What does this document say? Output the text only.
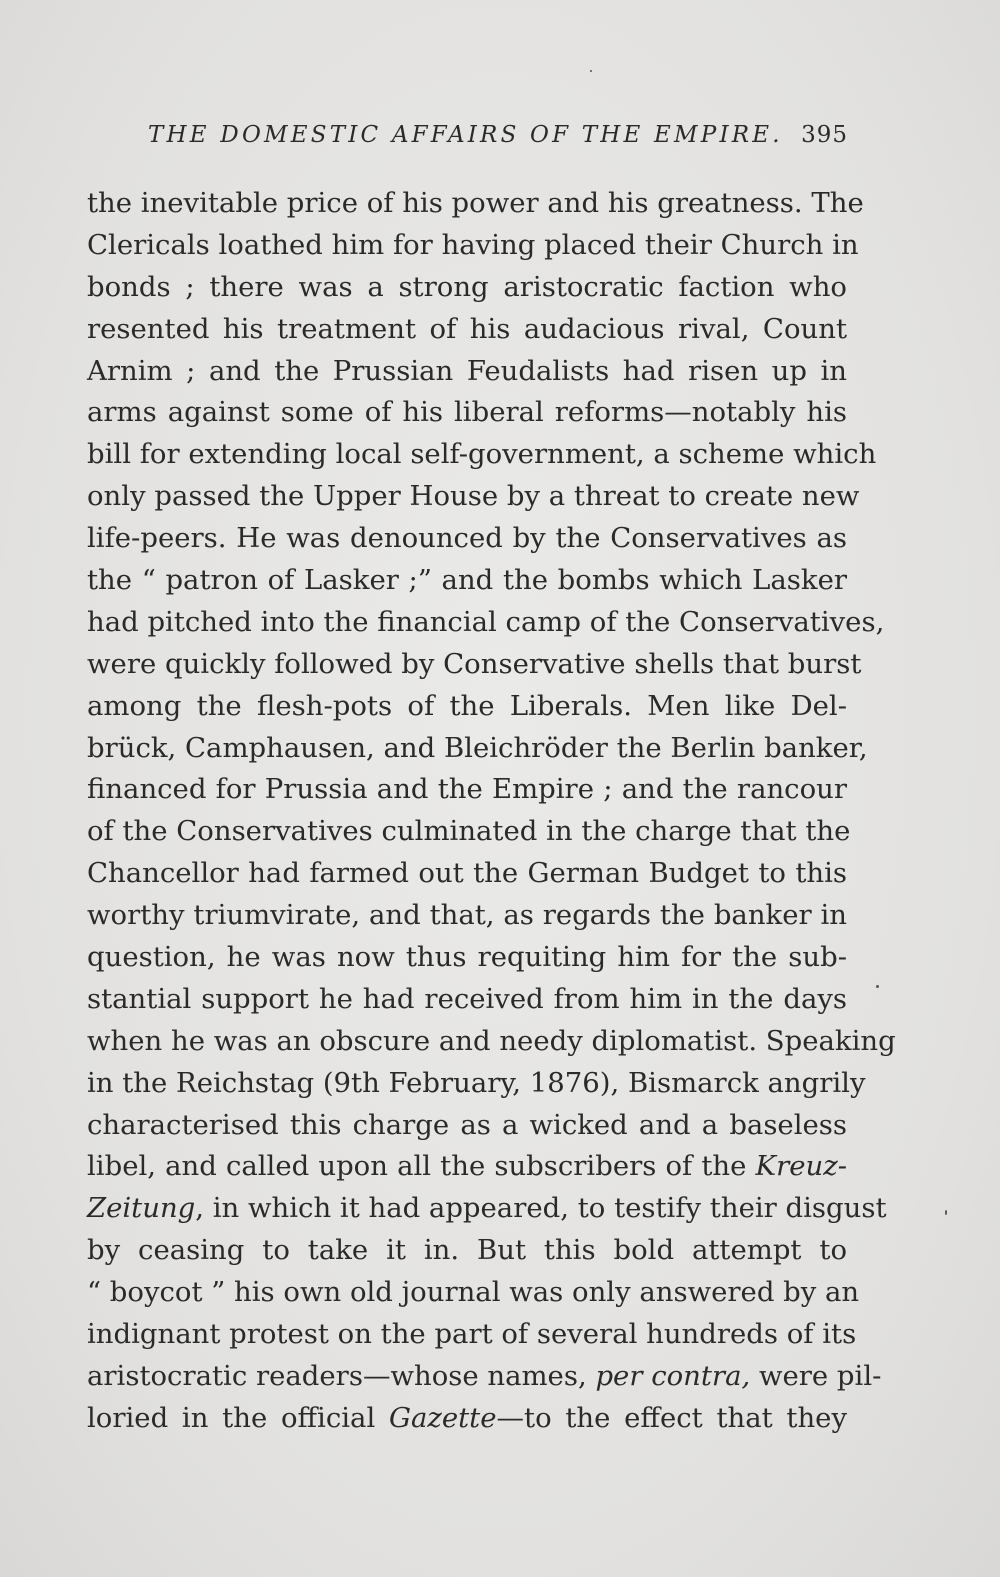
THE DOMESTIC AFFAIRS OF THE EMPIRE. 395
the inevitable price of his power and his greatness. The
Clericals loathed him for having placed their Church in
bonds ; there was a strong aristocratic faction who
resented his treatment of his audacious rival, Count
Arnim ; and the Prussian Feudalists had risen up in
arms against some of his liberal reforms—notably his
bill for extending local self-government, a scheme which
only passed the Upper House by a threat to create new
life-peers. He was denounced by the Conservatives as
the “ patron of Lasker ;” and the bombs which Lasker
had pitched into the financial camp of the Conservatives,
were quickly followed by Conservative shells that burst
among the flesh-pots of the Liberals. Men like Del-
brück, Camphausen, and Bleichröder the Berlin banker,
financed for Prussia and the Empire ; and the rancour
of the Conservatives culminated in the charge that the
Chancellor had farmed out the German Budget to this
worthy triumvirate, and that, as regards the banker in
question, he was now thus requiting him for the sub-
stantial support he had received from him in the days
when he was an obscure and needy diplomatist. Speaking
in the Reichstag (9th February, 1876), Bismarck angrily
characterised this charge as a wicked and a baseless
libel, and called upon all the subscribers of the Kreuz-
Zeitung, in which it had appeared, to testify their disgust
by ceasing to take it in. But this bold attempt to
“ boycot ” his own old journal was only answered by an
indignant protest on the part of several hundreds of its
aristocratic readers—whose names, per contra, were pil-
loried in the official Gazette—to the effect that they
